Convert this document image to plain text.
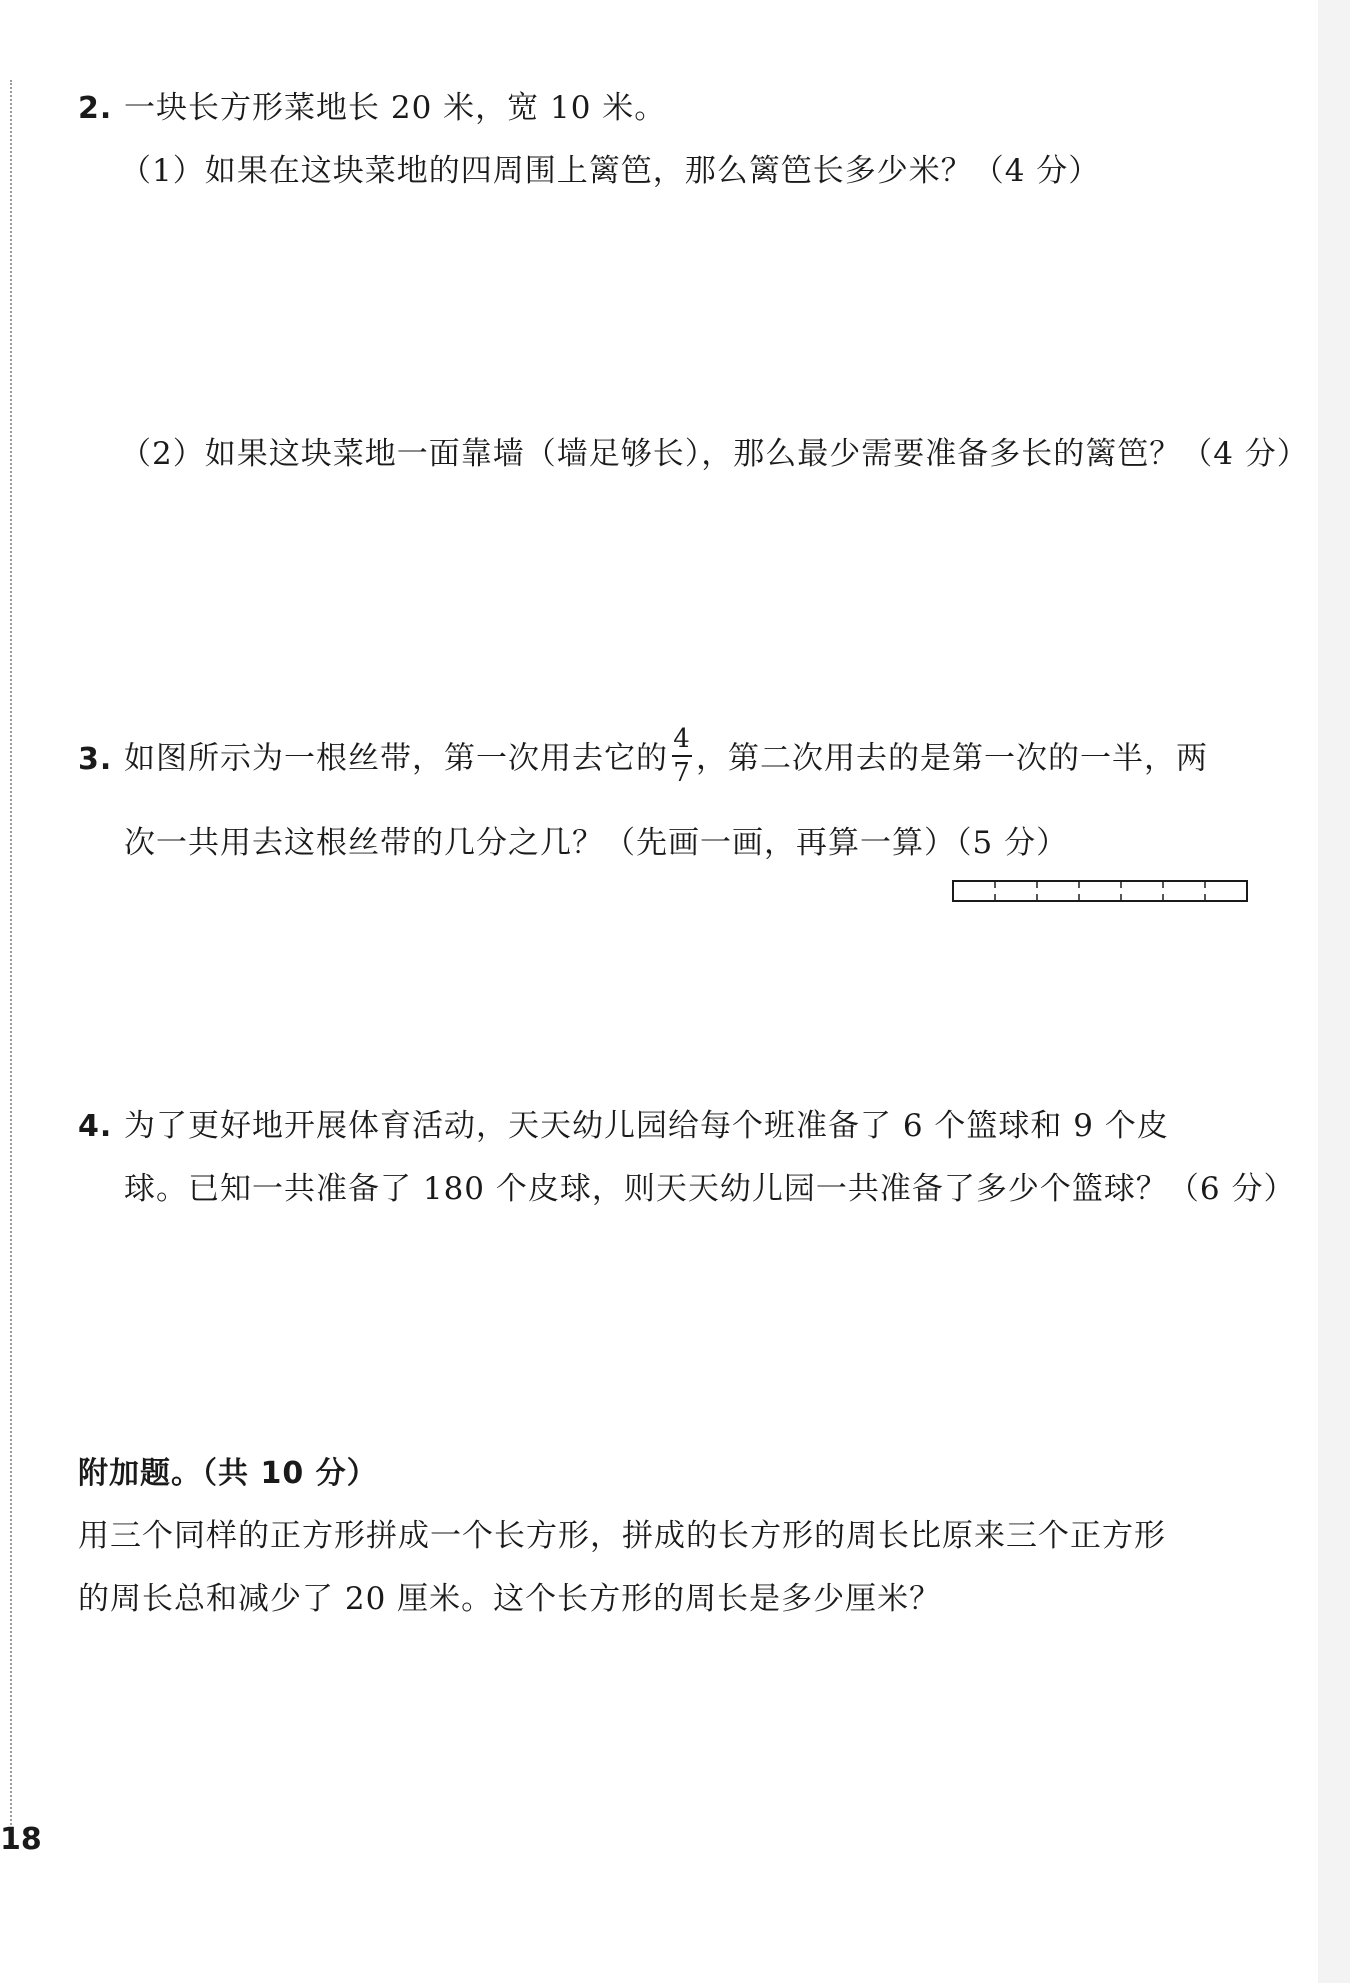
2. 一块长方形菜地长 20 米，宽 10 米。
（1）如果在这块菜地的四周围上篱笆，那么篱笆长多少米？（4 分）
（2）如果这块菜地一面靠墙（墙足够长），那么最少需要准备多长的篱笆？（4 分）
3. 如图所示为一根丝带，第一次用去它的 $\frac{4}{7}$ ，第二次用去的是第一次的一半，两
次一共用去这根丝带的几分之几？（先画一画，再算一算）（5 分）
4. 为了更好地开展体育活动，天天幼儿园给每个班准备了 6 个篮球和 9 个皮
球。已知一共准备了 180 个皮球，则天天幼儿园一共准备了多少个篮球？（6 分）
附加题。（共 10 分）
用三个同样的正方形拼成一个长方形，拼成的长方形的周长比原来三个正方形
的周长总和减少了 20 厘米。这个长方形的周长是多少厘米？
18
